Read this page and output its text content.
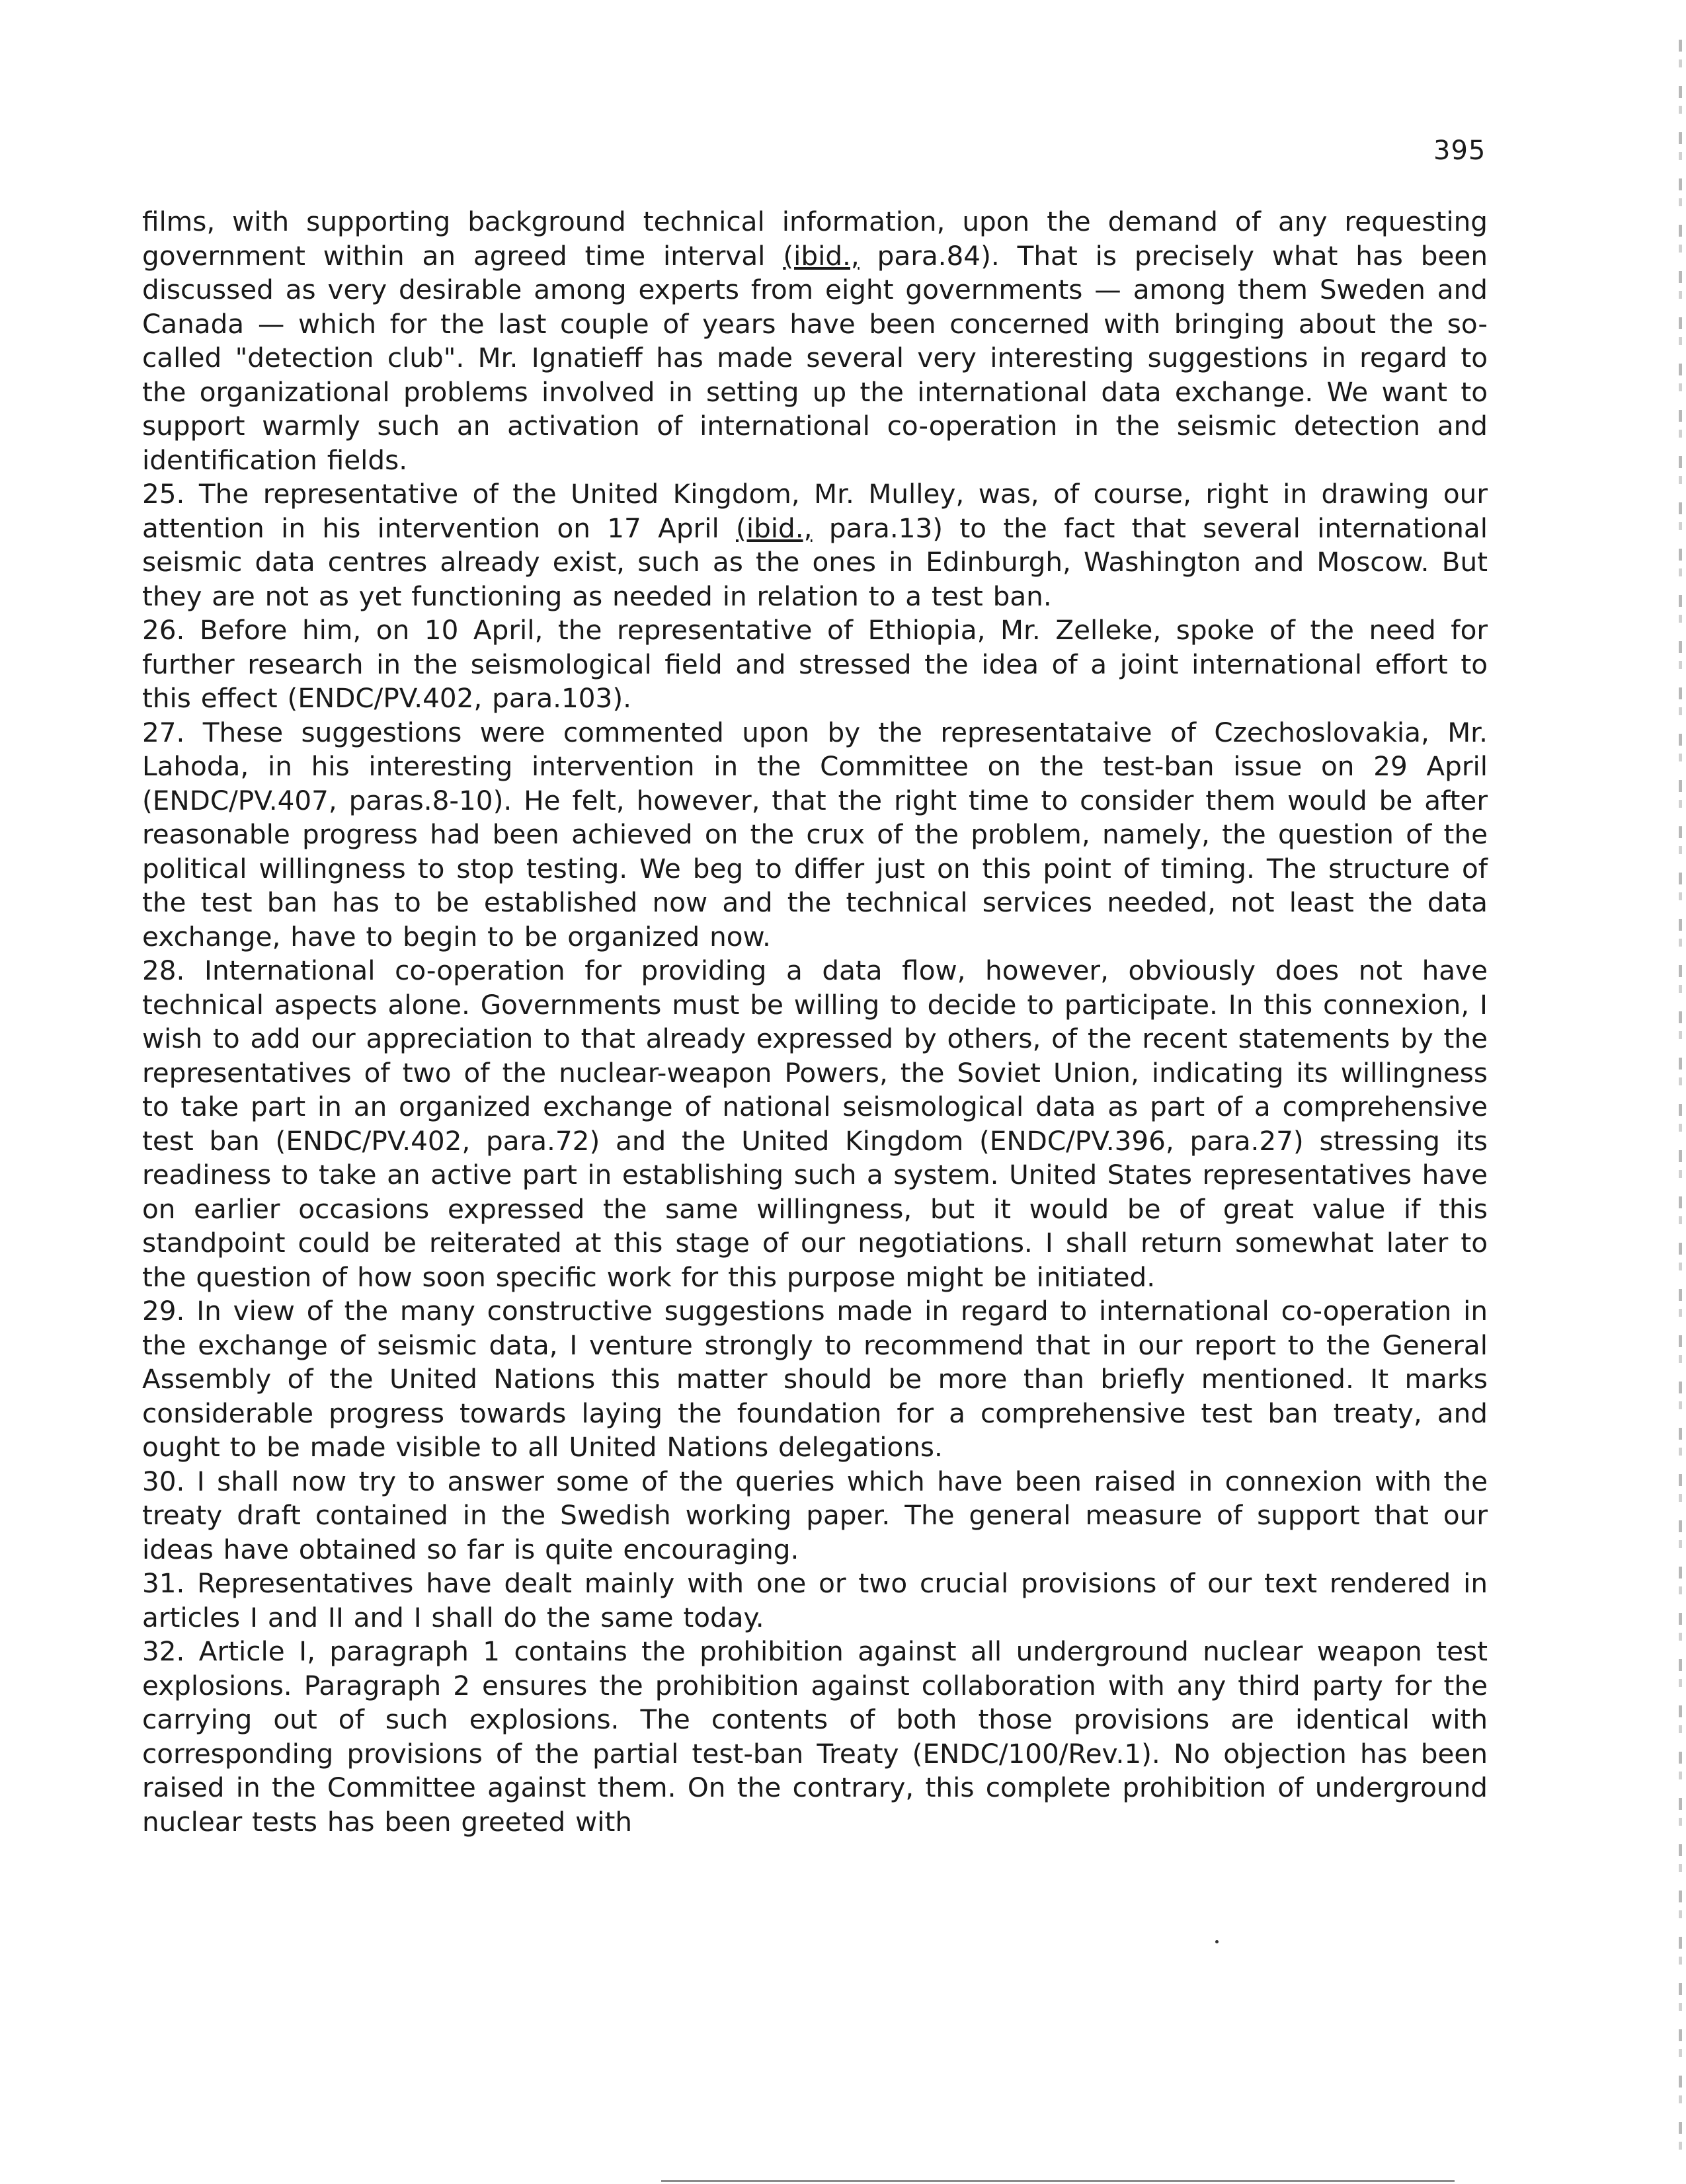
395

films, with supporting background technical information, upon the demand of any requesting government within an agreed time interval (ibid., para.84). That is precisely what has been discussed as very desirable among experts from eight governments — among them Sweden and Canada — which for the last couple of years have been concerned with bringing about the so-called "detection club". Mr. Ignatieff has made several very interesting suggestions in regard to the organizational problems involved in setting up the international data exchange. We want to support warmly such an activation of international co-operation in the seismic detection and identification fields.

25. The representative of the United Kingdom, Mr. Mulley, was, of course, right in drawing our attention in his intervention on 17 April (ibid., para.13) to the fact that several international seismic data centres already exist, such as the ones in Edinburgh, Washington and Moscow. But they are not as yet functioning as needed in relation to a test ban.

26. Before him, on 10 April, the representative of Ethiopia, Mr. Zelleke, spoke of the need for further research in the seismological field and stressed the idea of a joint international effort to this effect (ENDC/PV.402, para.103).

27. These suggestions were commented upon by the representataive of Czechoslovakia, Mr. Lahoda, in his interesting intervention in the Committee on the test-ban issue on 29 April (ENDC/PV.407, paras.8-10). He felt, however, that the right time to consider them would be after reasonable progress had been achieved on the crux of the problem, namely, the question of the political willingness to stop testing. We beg to differ just on this point of timing. The structure of the test ban has to be established now and the technical services needed, not least the data exchange, have to begin to be organized now.

28. International co-operation for providing a data flow, however, obviously does not have technical aspects alone. Governments must be willing to decide to participate. In this connexion, I wish to add our appreciation to that already expressed by others, of the recent statements by the representatives of two of the nuclear-weapon Powers, the Soviet Union, indicating its willingness to take part in an organized exchange of national seismological data as part of a comprehensive test ban (ENDC/PV.402, para.72) and the United Kingdom (ENDC/PV.396, para.27) stressing its readiness to take an active part in establishing such a system. United States representatives have on earlier occasions expressed the same willingness, but it would be of great value if this standpoint could be reiterated at this stage of our negotiations. I shall return somewhat later to the question of how soon specific work for this purpose might be initiated.

29. In view of the many constructive suggestions made in regard to international co-operation in the exchange of seismic data, I venture strongly to recommend that in our report to the General Assembly of the United Nations this matter should be more than briefly mentioned. It marks considerable progress towards laying the foundation for a comprehensive test ban treaty, and ought to be made visible to all United Nations delegations.

30. I shall now try to answer some of the queries which have been raised in connexion with the treaty draft contained in the Swedish working paper. The general measure of support that our ideas have obtained so far is quite encouraging.

31. Representatives have dealt mainly with one or two crucial provisions of our text rendered in articles I and II and I shall do the same today.

32. Article I, paragraph 1 contains the prohibition against all underground nuclear weapon test explosions. Paragraph 2 ensures the prohibition against collaboration with any third party for the carrying out of such explosions. The contents of both those provisions are identical with corresponding provisions of the partial test-ban Treaty (ENDC/100/Rev.1). No objection has been raised in the Committee against them. On the contrary, this complete prohibition of underground nuclear tests has been greeted with
